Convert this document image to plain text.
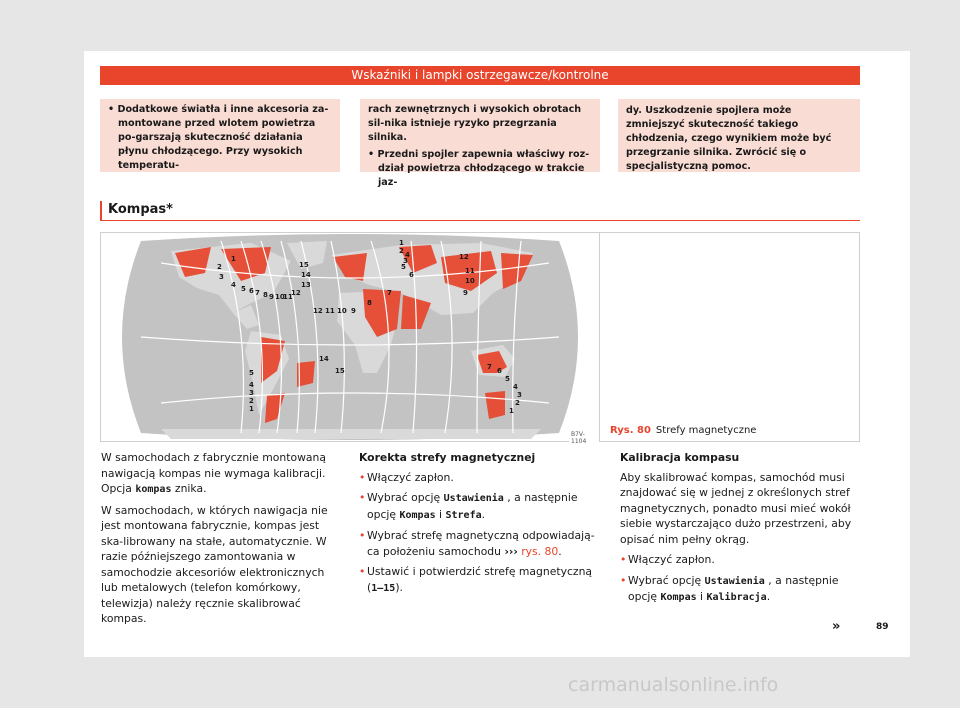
Wskaźniki i lampki ostrzegawcze/kontrolne

• Dodatkowe światła i inne akcesoria za-montowane przed wlotem powietrza po-garszają skuteczność działania płynu chłodzącego. Przy wysokich temperatu-

rach zewnętrznych i wysokich obrotach sil-nika istnieje ryzyko przegrzania silnika.

• Przedni spojler zapewnia właściwy roz-dział powietrza chłodzącego w trakcie jaz-

dy. Uszkodzenie spojlera może zmniejszyć skuteczność takiego chłodzenia, czego wynikiem może być przegrzanie silnika. Zwrócić się o specjalistyczną pomoc.

Kompas*
1
2
3
4 5 6 7 8 9 10
11
12
13
14
15
1
2 4
3
5
6
12
11
10
9
7
8
9
10
11
12
14
15
5
4
3
2
1
7 6
5
4
3
2
1
B7V-1104
Rys. 80 Strefy magnetyczne

W samochodach z fabrycznie montowaną nawigacją kompas nie wymaga kalibracji. Opcja kompas znika.

W samochodach, w których nawigacja nie jest montowana fabrycznie, kompas jest ska-librowany na stałe, automatycznie. W razie późniejszego zamontowania w samochodzie akcesoriów elektronicznych lub metalowych (telefon komórkowy, telewizja) należy ręcznie skalibrować kompas.

Korekta strefy magnetycznej

• Włączyć zapłon.

• Wybrać opcję Ustawienia , a następnie opcję Kompas i Strefa.

• Wybrać strefę magnetyczną odpowiadają-ca położeniu samochodu ››› rys. 80.

• Ustawić i potwierdzić strefę magnetyczną (1–15).

Kalibracja kompasu

Aby skalibrować kompas, samochód musi znajdować się w jednej z określonych stref magnetycznych, ponadto musi mieć wokół siebie wystarczająco dużo przestrzeni, aby opisać nim pełny okrąg.

• Włączyć zapłon.

• Wybrać opcję Ustawienia , a następnie opcję Kompas i Kalibracja.

»	89
carmanualsonline.info
